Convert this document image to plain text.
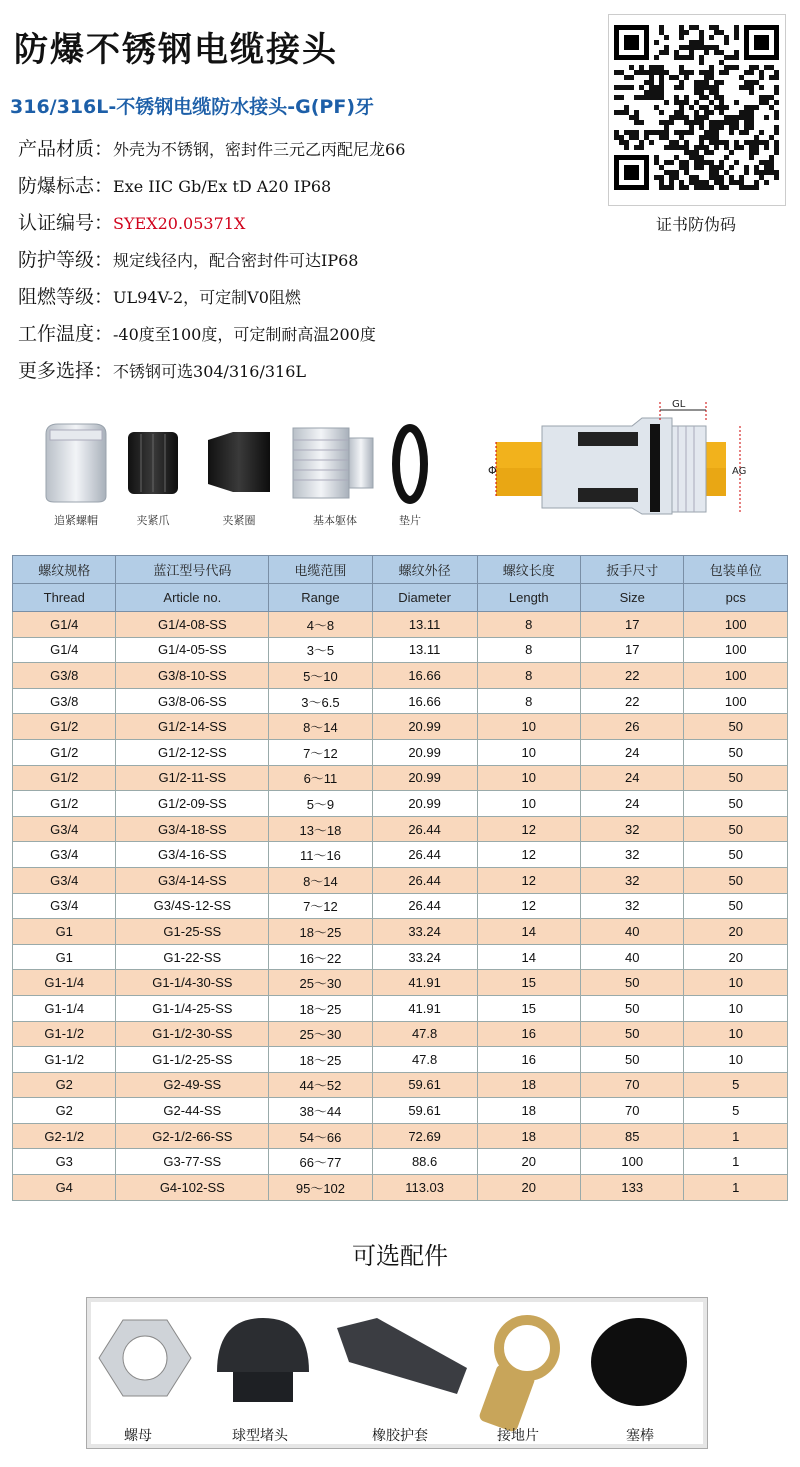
防爆不锈钢电缆接头
316/316L-不锈钢电缆防水接头-G(PF)牙
产品材质：外壳为不锈钢，密封件三元乙丙配尼龙66
防爆标志：Exe IIC Gb/Ex tD A20 IP68
认证编号：SYEX20.05371X
防护等级：规定线径内，配合密封件可达IP68
阻燃等级：UL94V-2，可定制V0阻燃
工作温度：-40度至100度，可定制耐高温200度
更多选择：不锈钢可选304/316/316L
证书防伪码
追紧螺帽	夹紧爪	夹紧圈	基本躯体	垫片
GL
AG
Φ
螺纹规格	蓝江型号代码	电缆范围	螺纹外径	螺纹长度	扳手尺寸	包装单位
Thread	Article no.	Range	Diameter	Length	Size	pcs
G1/4	G1/4-08-SS	4～8	13.11	8	17	100
G1/4	G1/4-05-SS	3～5	13.11	8	17	100
G3/8	G3/8-10-SS	5～10	16.66	8	22	100
G3/8	G3/8-06-SS	3～6.5	16.66	8	22	100
G1/2	G1/2-14-SS	8～14	20.99	10	26	50
G1/2	G1/2-12-SS	7～12	20.99	10	24	50
G1/2	G1/2-11-SS	6～11	20.99	10	24	50
G1/2	G1/2-09-SS	5～9	20.99	10	24	50
G3/4	G3/4-18-SS	13～18	26.44	12	32	50
G3/4	G3/4-16-SS	11～16	26.44	12	32	50
G3/4	G3/4-14-SS	8～14	26.44	12	32	50
G3/4	G3/4S-12-SS	7～12	26.44	12	32	50
G1	G1-25-SS	18～25	33.24	14	40	20
G1	G1-22-SS	16～22	33.24	14	40	20
G1-1/4	G1-1/4-30-SS	25～30	41.91	15	50	10
G1-1/4	G1-1/4-25-SS	18～25	41.91	15	50	10
G1-1/2	G1-1/2-30-SS	25～30	47.8	16	50	10
G1-1/2	G1-1/2-25-SS	18～25	47.8	16	50	10
G2	G2-49-SS	44～52	59.61	18	70	5
G2	G2-44-SS	38～44	59.61	18	70	5
G2-1/2	G2-1/2-66-SS	54～66	72.69	18	85	1
G3	G3-77-SS	66～77	88.6	20	100	1
G4	G4-102-SS	95～102	113.03	20	133	1
可选配件
螺母	球型堵头	橡胶护套	接地片	塞棒
